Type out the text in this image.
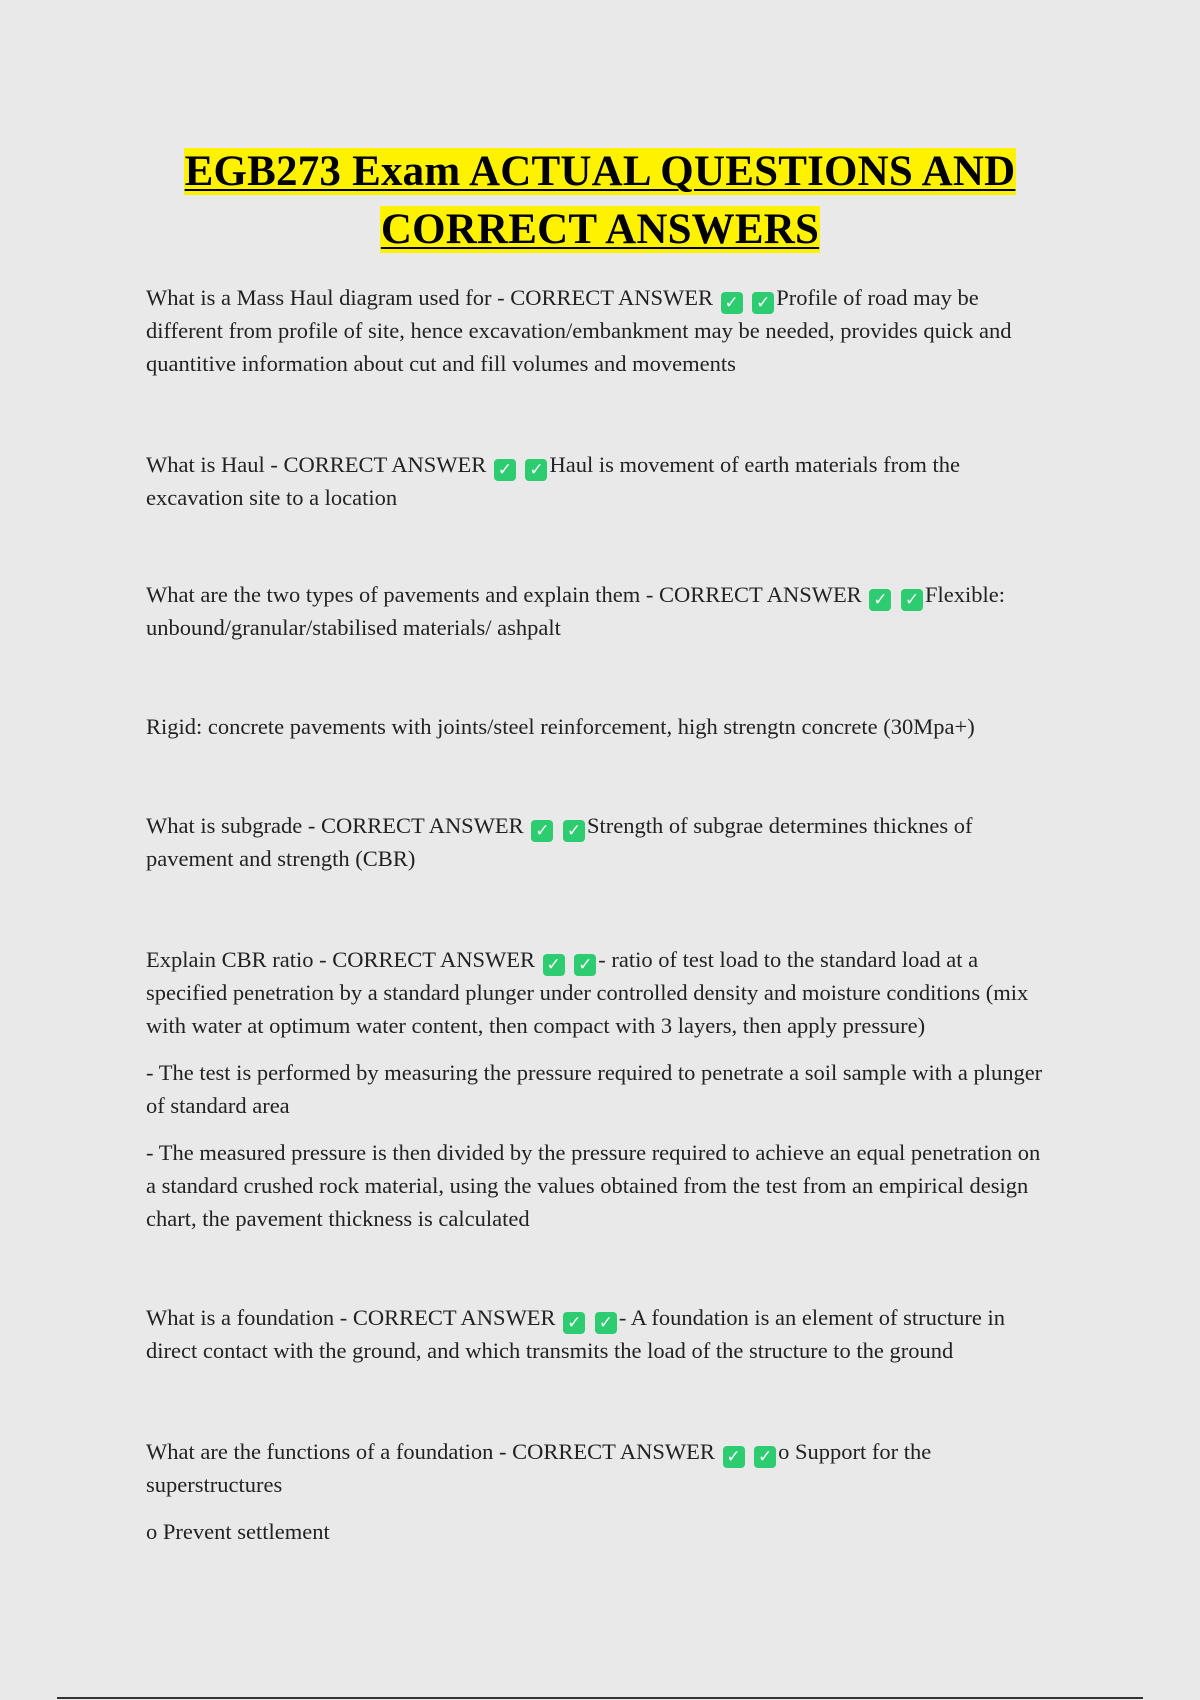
EGB273 Exam ACTUAL QUESTIONS AND
CORRECT ANSWERS

What is a Mass Haul diagram used for - CORRECT ANSWER ✓ ✓ Profile of road may be different from profile of site, hence excavation/embankment may be needed, provides quick and quantitive information about cut and fill volumes and movements

What is Haul - CORRECT ANSWER ✓ ✓ Haul is movement of earth materials from the excavation site to a location

What are the two types of pavements and explain them - CORRECT ANSWER ✓ ✓ Flexible: unbound/granular/stabilised materials/ ashpalt

Rigid: concrete pavements with joints/steel reinforcement, high strengtn concrete (30Mpa+)

What is subgrade - CORRECT ANSWER ✓ ✓ Strength of subgrae determines thicknes of pavement and strength (CBR)

Explain CBR ratio - CORRECT ANSWER ✓ ✓ - ratio of test load to the standard load at a specified penetration by a standard plunger under controlled density and moisture conditions (mix with water at optimum water content, then compact with 3 layers, then apply pressure)

- The test is performed by measuring the pressure required to penetrate a soil sample with a plunger of standard area

- The measured pressure is then divided by the pressure required to achieve an equal penetration on a standard crushed rock material, using the values obtained from the test from an empirical design chart, the pavement thickness is calculated

What is a foundation - CORRECT ANSWER ✓ ✓ - A foundation is an element of structure in direct contact with the ground, and which transmits the load of the structure to the ground

What are the functions of a foundation - CORRECT ANSWER ✓ ✓ o Support for the superstructures

o Prevent settlement
